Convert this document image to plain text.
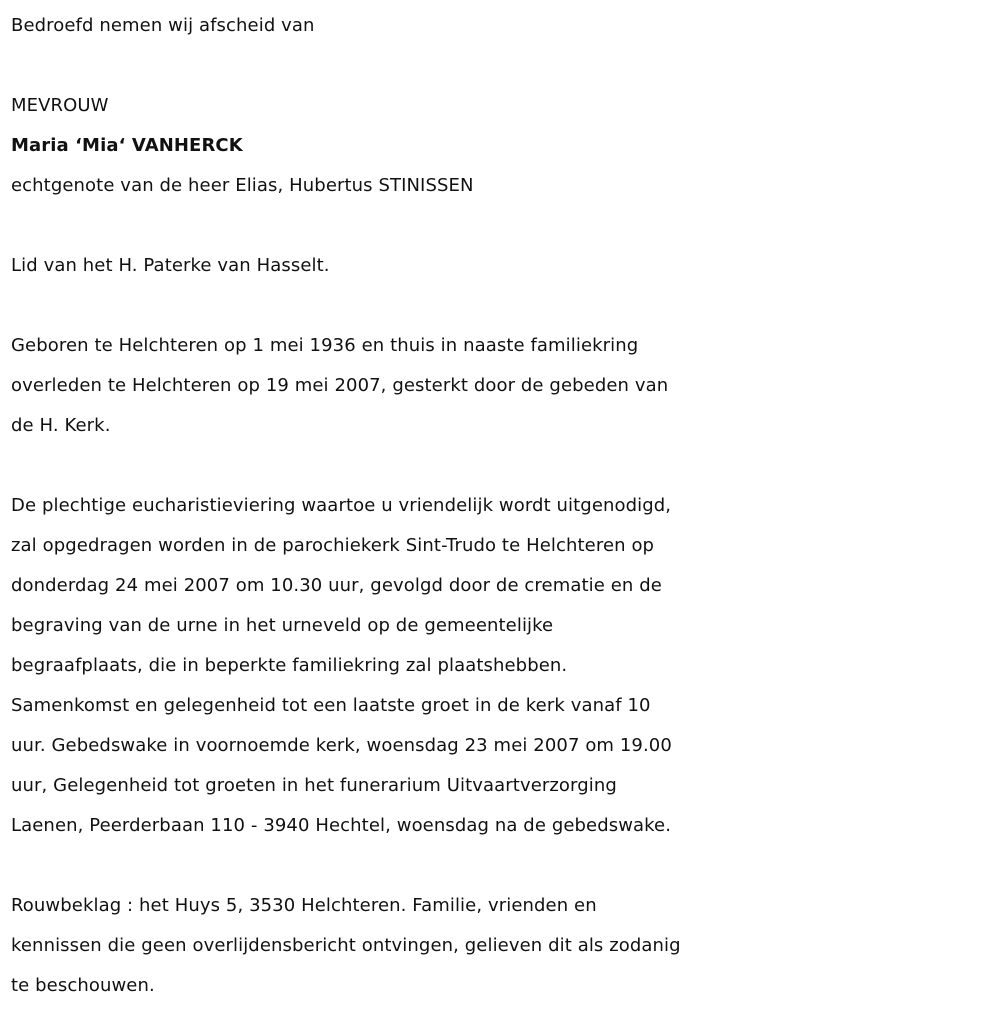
Bedroefd nemen wij afscheid van

MEVROUW

Maria ‘Mia‘ VANHERCK

echtgenote van de heer Elias, Hubertus STINISSEN

Lid van het H. Paterke van Hasselt.

Geboren te Helchteren op 1 mei 1936 en thuis in naaste familiekring

overleden te Helchteren op 19 mei 2007, gesterkt door de gebeden van

de H. Kerk.

De plechtige eucharistieviering waartoe u vriendelijk wordt uitgenodigd,

zal opgedragen worden in de parochiekerk Sint-Trudo te Helchteren op

donderdag 24 mei 2007 om 10.30 uur, gevolgd door de crematie en de

begraving van de urne in het urneveld op de gemeentelijke

begraafplaats, die in beperkte familiekring zal plaatshebben.

Samenkomst en gelegenheid tot een laatste groet in de kerk vanaf 10

uur. Gebedswake in voornoemde kerk, woensdag 23 mei 2007 om 19.00

uur, Gelegenheid tot groeten in het funerarium Uitvaartverzorging

Laenen, Peerderbaan 110 - 3940 Hechtel, woensdag na de gebedswake.

Rouwbeklag : het Huys 5, 3530 Helchteren. Familie, vrienden en

kennissen die geen overlijdensbericht ontvingen, gelieven dit als zodanig

te beschouwen.
